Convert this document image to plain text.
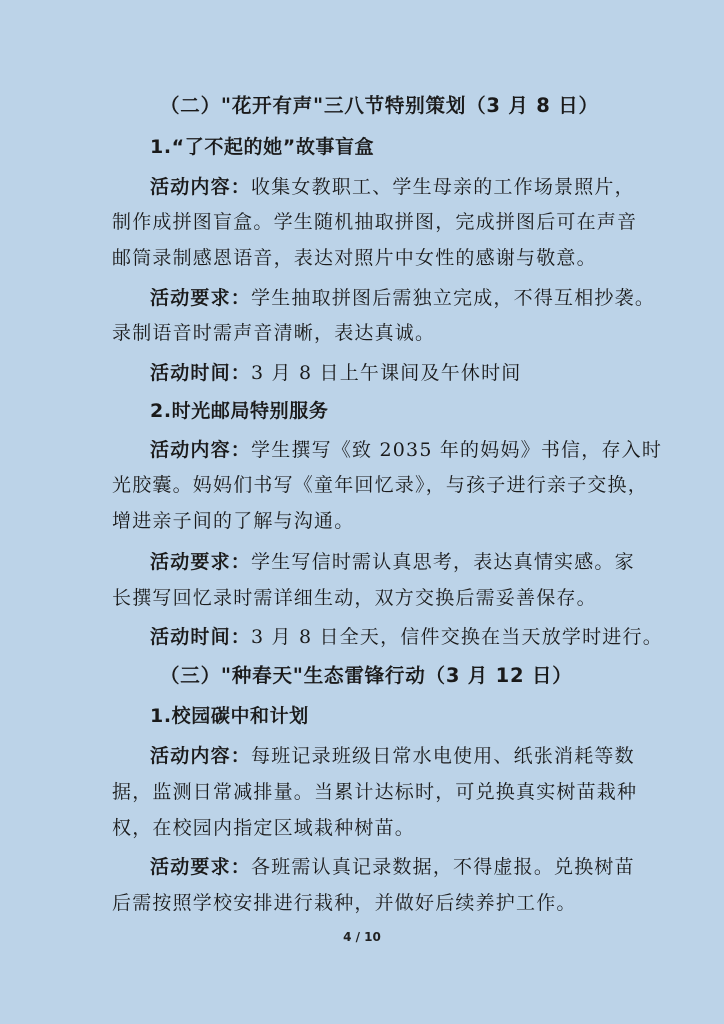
（二）"花开有声"三八节特别策划（3 月 8 日）
1.“了不起的她”故事盲盒
活动内容：收集女教职工、学生母亲的工作场景照片，
制作成拼图盲盒。学生随机抽取拼图，完成拼图后可在声音
邮筒录制感恩语音，表达对照片中女性的感谢与敬意。
活动要求：学生抽取拼图后需独立完成，不得互相抄袭。
录制语音时需声音清晰，表达真诚。
活动时间：3 月 8 日上午课间及午休时间
2.时光邮局特别服务
活动内容：学生撰写《致 2035 年的妈妈》书信，存入时
光胶囊。妈妈们书写《童年回忆录》，与孩子进行亲子交换，
增进亲子间的了解与沟通。
活动要求：学生写信时需认真思考，表达真情实感。家
长撰写回忆录时需详细生动，双方交换后需妥善保存。
活动时间：3 月 8 日全天，信件交换在当天放学时进行。
（三）"种春天"生态雷锋行动（3 月 12 日）
1.校园碳中和计划
活动内容：每班记录班级日常水电使用、纸张消耗等数
据，监测日常减排量。当累计达标时，可兑换真实树苗栽种
权，在校园内指定区域栽种树苗。
活动要求：各班需认真记录数据，不得虚报。兑换树苗
后需按照学校安排进行栽种，并做好后续养护工作。
4 / 10
